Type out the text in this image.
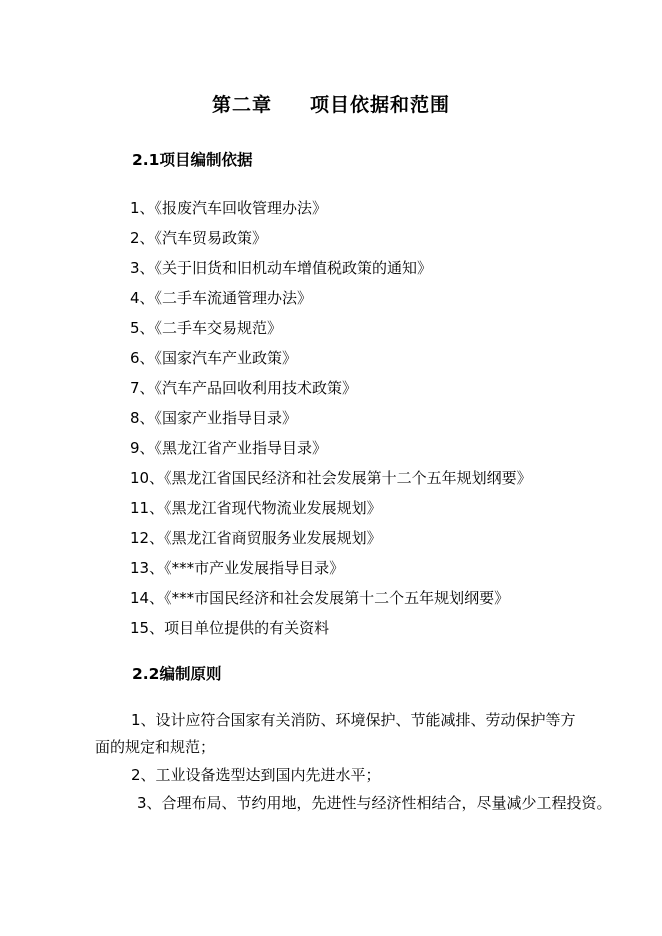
第二章 项目依据和范围
2.1项目编制依据
1、《报废汽车回收管理办法》
2、《汽车贸易政策》
3、《关于旧货和旧机动车增值税政策的通知》
4、《二手车流通管理办法》
5、《二手车交易规范》
6、《国家汽车产业政策》
7、《汽车产品回收利用技术政策》
8、《国家产业指导目录》
9、《黑龙江省产业指导目录》
10、《黑龙江省国民经济和社会发展第十二个五年规划纲要》
11、《黑龙江省现代物流业发展规划》
12、《黑龙江省商贸服务业发展规划》
13、《***市产业发展指导目录》
14、《***市国民经济和社会发展第十二个五年规划纲要》
15、项目单位提供的有关资料
2.2编制原则
1、设计应符合国家有关消防、环境保护、节能减排、劳动保护等方
面的规定和规范；
2、工业设备选型达到国内先进水平；
3、合理布局、节约用地，先进性与经济性相结合，尽量减少工程投资。
